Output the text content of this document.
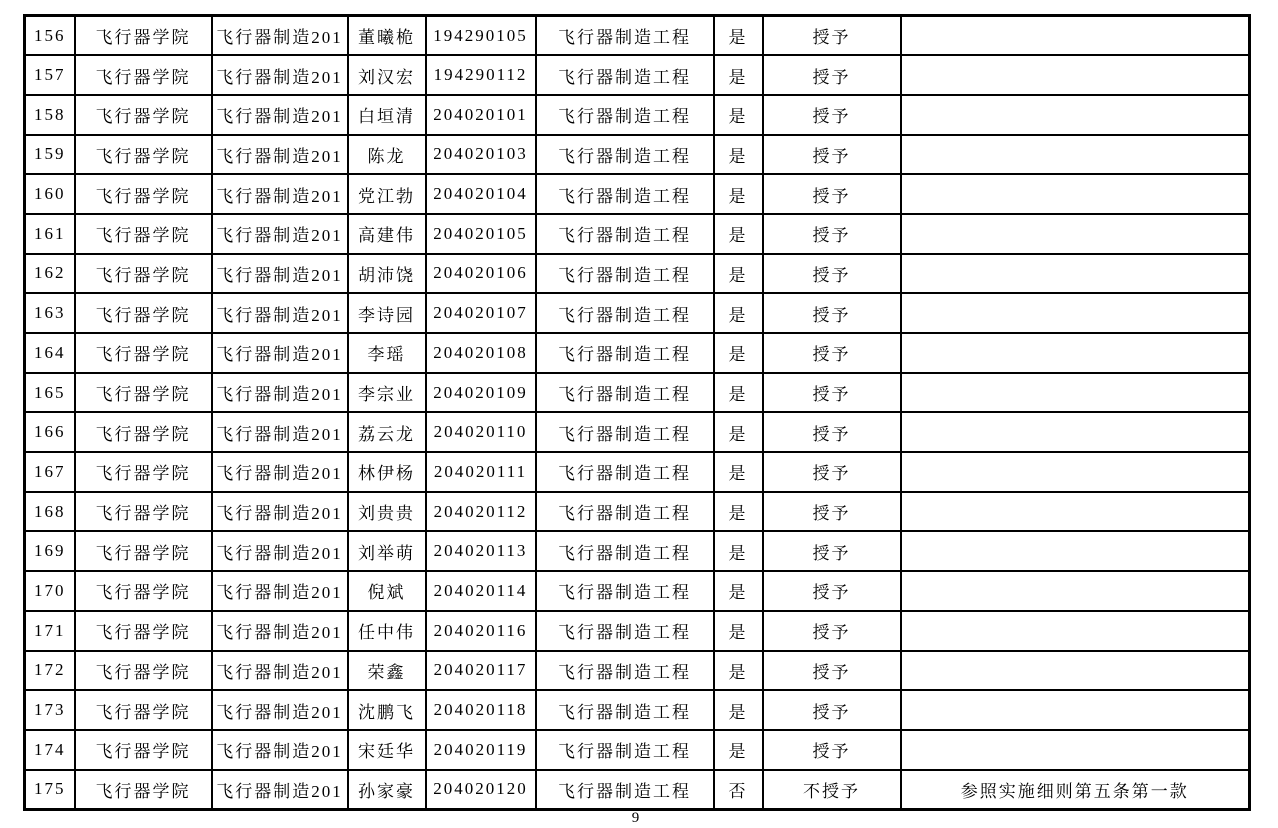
156	飞行器学院	飞行器制造201	董曦桅	194290105	飞行器制造工程	是	授予	
157	飞行器学院	飞行器制造201	刘汉宏	194290112	飞行器制造工程	是	授予	
158	飞行器学院	飞行器制造201	白垣清	204020101	飞行器制造工程	是	授予	
159	飞行器学院	飞行器制造201	陈龙	204020103	飞行器制造工程	是	授予	
160	飞行器学院	飞行器制造201	党江勃	204020104	飞行器制造工程	是	授予	
161	飞行器学院	飞行器制造201	高建伟	204020105	飞行器制造工程	是	授予	
162	飞行器学院	飞行器制造201	胡沛饶	204020106	飞行器制造工程	是	授予	
163	飞行器学院	飞行器制造201	李诗园	204020107	飞行器制造工程	是	授予	
164	飞行器学院	飞行器制造201	李瑶	204020108	飞行器制造工程	是	授予	
165	飞行器学院	飞行器制造201	李宗业	204020109	飞行器制造工程	是	授予	
166	飞行器学院	飞行器制造201	荔云龙	204020110	飞行器制造工程	是	授予	
167	飞行器学院	飞行器制造201	林伊杨	204020111	飞行器制造工程	是	授予	
168	飞行器学院	飞行器制造201	刘贵贵	204020112	飞行器制造工程	是	授予	
169	飞行器学院	飞行器制造201	刘举萌	204020113	飞行器制造工程	是	授予	
170	飞行器学院	飞行器制造201	倪斌	204020114	飞行器制造工程	是	授予	
171	飞行器学院	飞行器制造201	任中伟	204020116	飞行器制造工程	是	授予	
172	飞行器学院	飞行器制造201	荣鑫	204020117	飞行器制造工程	是	授予	
173	飞行器学院	飞行器制造201	沈鹏飞	204020118	飞行器制造工程	是	授予	
174	飞行器学院	飞行器制造201	宋廷华	204020119	飞行器制造工程	是	授予	
175	飞行器学院	飞行器制造201	孙家豪	204020120	飞行器制造工程	否	不授予	参照实施细则第五条第一款
9
